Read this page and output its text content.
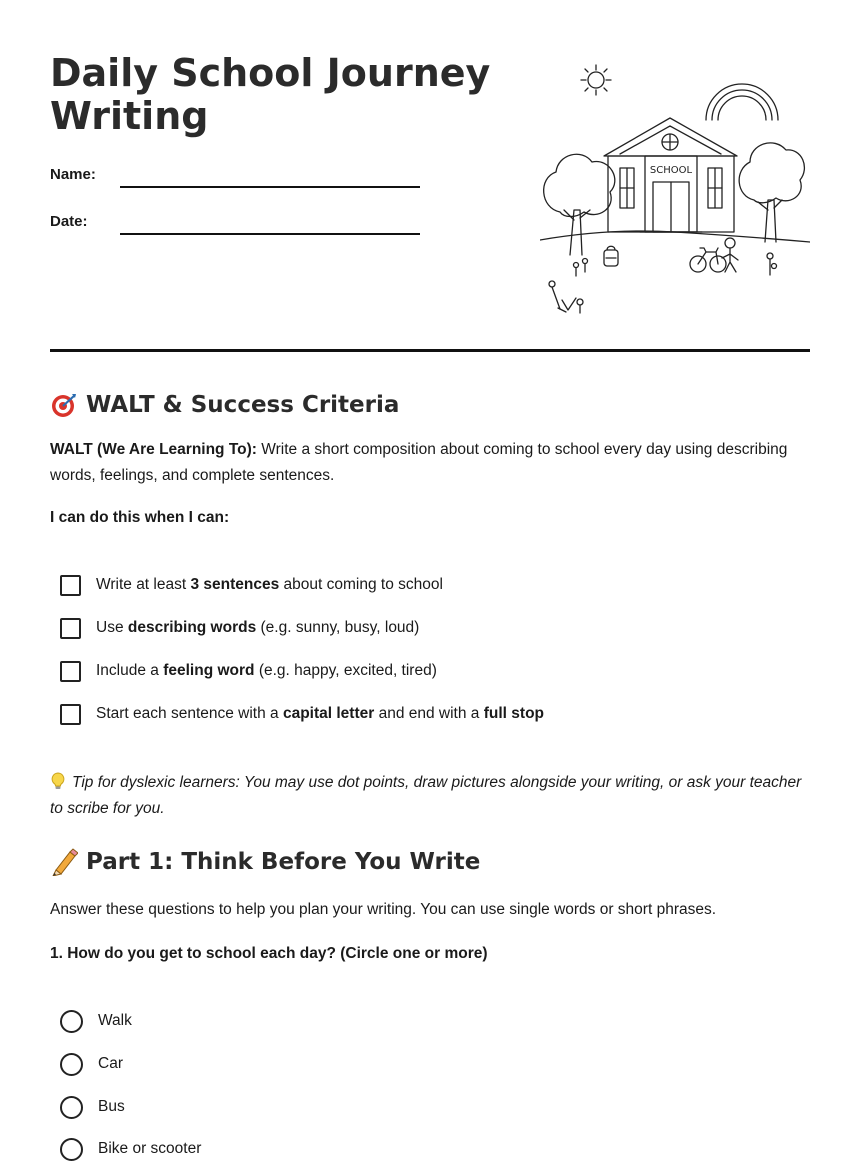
Daily School Journey Writing
Name:
Date:
SCHOOL
WALT & Success Criteria

WALT (We Are Learning To): Write a short composition about coming to school every day using describing words, feelings, and complete sentences.

I can do this when I can:

Write at least 3 sentences about coming to school
Use describing words (e.g. sunny, busy, loud)
Include a feeling word (e.g. happy, excited, tired)
Start each sentence with a capital letter and end with a full stop

Tip for dyslexic learners: You may use dot points, draw pictures alongside your writing, or ask your teacher to scribe for you.

Part 1: Think Before You Write

Answer these questions to help you plan your writing. You can use single words or short phrases.

1. How do you get to school each day? (Circle one or more)

Walk
Car
Bus
Bike or scooter
